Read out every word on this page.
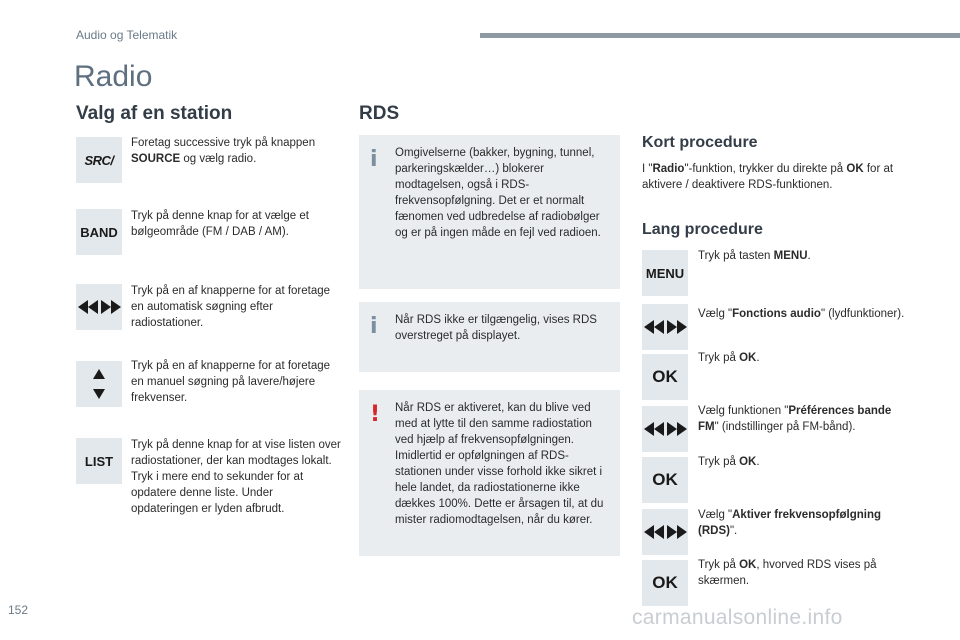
Audio og Telematik
Radio
Valg af en station
SRC/
Foretag successive tryk på knappen SOURCE og vælg radio.
BAND
Tryk på denne knap for at vælge et bølgeområde (FM / DAB / AM).
Tryk på en af knapperne for at foretage en automatisk søgning efter radiostationer.
Tryk på en af knapperne for at foretage en manuel søgning på lavere/højere frekvenser.
LIST
Tryk på denne knap for at vise listen over radiostationer, der kan modtages lokalt. Tryk i mere end to sekunder for at opdatere denne liste. Under opdateringen er lyden afbrudt.
RDS
i Omgivelserne (bakker, bygning, tunnel, parkeringskælder…) blokerer modtagelsen, også i RDS-frekvensopfølgning. Det er et normalt fænomen ved udbredelse af radiobølger og er på ingen måde en fejl ved radioen.
i Når RDS ikke er tilgængelig, vises RDS overstreget på displayet.
! Når RDS er aktiveret, kan du blive ved med at lytte til den samme radiostation ved hjælp af frekvensopfølgningen. Imidlertid er opfølgningen af RDS-stationen under visse forhold ikke sikret i hele landet, da radiostationerne ikke dækkes 100%. Dette er årsagen til, at du mister radiomodtagelsen, når du kører.
Kort procedure
I "Radio"-funktion, trykker du direkte på OK for at aktivere / deaktivere RDS-funktionen.
Lang procedure
MENU
Tryk på tasten MENU.
Vælg "Fonctions audio" (lydfunktioner).
OK
Tryk på OK.
Vælg funktionen "Préférences bande FM" (indstillinger på FM-bånd).
OK
Tryk på OK.
Vælg "Aktiver frekvensopfølgning (RDS)".
OK
Tryk på OK, hvorved RDS vises på skærmen.
152	carmanualsonline.info
